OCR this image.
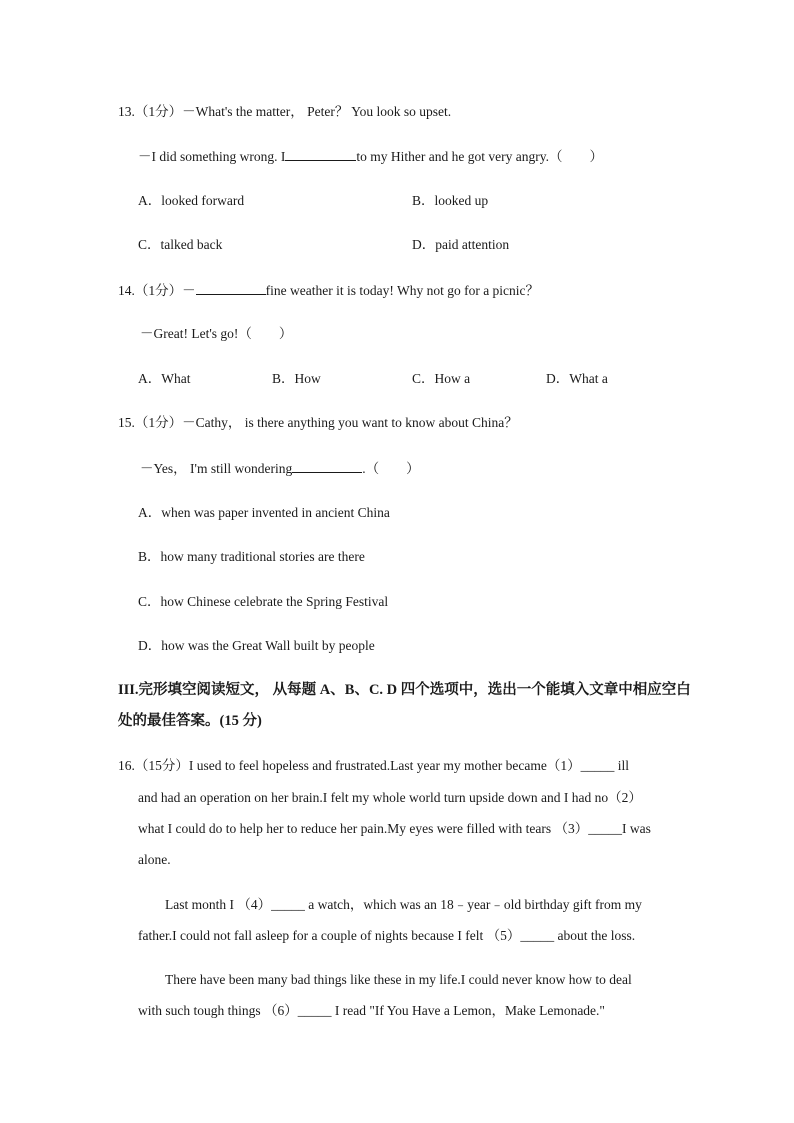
13.（1分）－What's the matter， Peter？ You look so upset.
－I did something wrong. I	to my Hither and he got very angry.（　　）
A．looked forward	B．looked up
C．talked back	D．paid attention
14.（1分）－	fine weather it is today! Why not go for a picnic？
－Great! Let's go!（　　）
A．What	B．How	C．How a	D．What a
15.（1分）－Cathy， is there anything you want to know about China？
－Yes， I'm still wondering	.（　　）
A．when was paper invented in ancient China
B．how many traditional stories are there
C．how Chinese celebrate the Spring Festival
D．how was the Great Wall built by people
III.完形填空阅读短文， 从每题 A、B、C. D 四个选项中，选出一个能填入文章中相应空白
处的最佳答案。(15 分)
16.（15分）I used to feel hopeless and frustrated.Last year my mother became（1）_____ ill
and had an operation on her brain.I felt my whole world turn upside down and I had no（2）
what I could do to help her to reduce her pain.My eyes were filled with tears （3）_____I was
alone.
Last month I （4）_____ a watch，which was an 18﹣year﹣old birthday gift from my
father.I could not fall asleep for a couple of nights because I felt （5）_____ about the loss.
There have been many bad things like these in my life.I could never know how to deal
with such tough things （6）_____ I read "If You Have a Lemon，Make Lemonade."
